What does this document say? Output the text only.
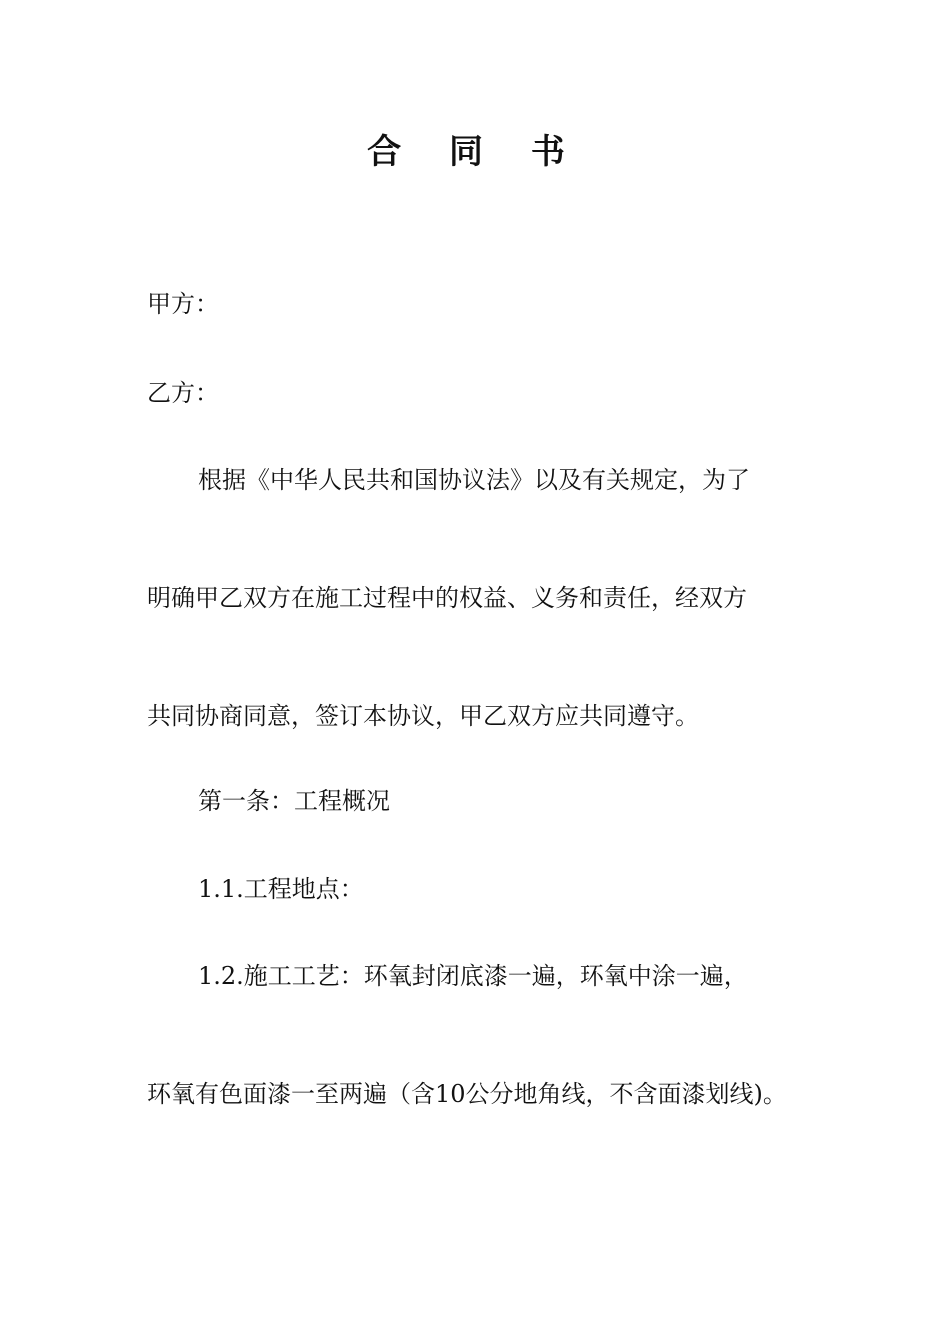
合 同 书
甲方：
乙方：
根据《中华人民共和国协议法》以及有关规定，为了
明确甲乙双方在施工过程中的权益、义务和责任，经双方
共同协商同意，签订本协议，甲乙双方应共同遵守。
第一条：工程概况
1.1.工程地点：
1.2.施工工艺：环氧封闭底漆一遍，环氧中涂一遍，
环氧有色面漆一至两遍（含10公分地角线，不含面漆划线)。
